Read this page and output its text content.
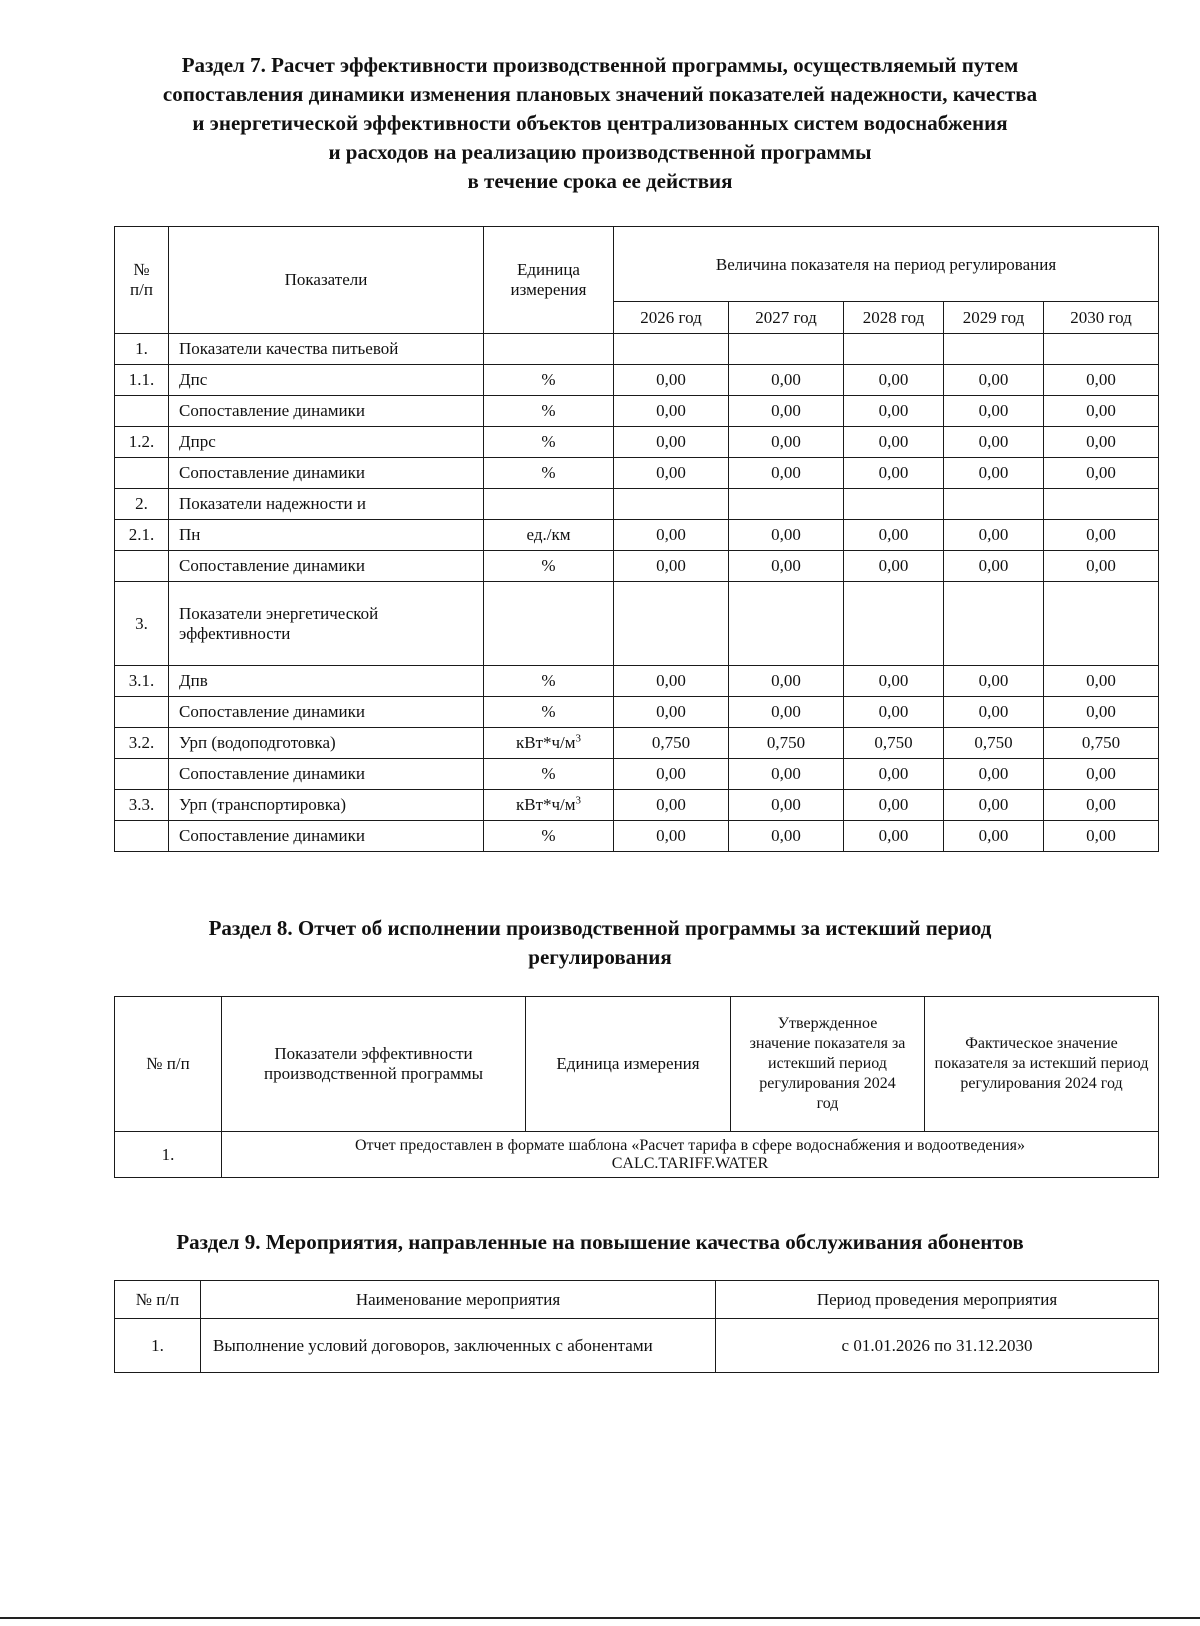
Раздел 7. Расчет эффективности производственной программы, осуществляемый путем
сопоставления динамики изменения плановых значений показателей надежности, качества
и энергетической эффективности объектов централизованных систем водоснабжения
и расходов на реализацию производственной программы
в течение срока ее действия
№ п/п	Показатели	Единица измерения	Величина показателя на период регулирования				
			2026 год	2027 год	2028 год	2029 год	2030 год
1.	Показатели качества питьевой						
1.1.	Дпс	%	0,00	0,00	0,00	0,00	0,00
	Сопоставление динамики	%	0,00	0,00	0,00	0,00	0,00
1.2.	Дпрс	%	0,00	0,00	0,00	0,00	0,00
	Сопоставление динамики	%	0,00	0,00	0,00	0,00	0,00
2.	Показатели надежности и						
2.1.	Пн	ед./км	0,00	0,00	0,00	0,00	0,00
	Сопоставление динамики	%	0,00	0,00	0,00	0,00	0,00
3.	Показатели энергетической эффективности						
3.1.	Дпв	%	0,00	0,00	0,00	0,00	0,00
	Сопоставление динамики	%	0,00	0,00	0,00	0,00	0,00
3.2.	Урп (водоподготовка)	$кВт*ч/м^3$	0,750	0,750	0,750	0,750	0,750
	Сопоставление динамики	%	0,00	0,00	0,00	0,00	0,00
3.3.	Урп (транспортировка)	$кВт*ч/м^3$	0,00	0,00	0,00	0,00	0,00
	Сопоставление динамики	%	0,00	0,00	0,00	0,00	0,00
Раздел 8. Отчет об исполнении производственной программы за истекший период
регулирования
№ п/п	Показатели эффективности производственной программы	Единица измерения	Утвержденное значение показателя за истекший период регулирования 2024 год	Фактическое значение показателя за истекший период регулирования 2024 год
1.	Отчет предоставлен в формате шаблона «Расчет тарифа в сфере водоснабжения и водоотведения»
CALC.TARIFF.WATER			
Раздел 9. Мероприятия, направленные на повышение качества обслуживания абонентов
№ п/п	Наименование мероприятия	Период проведения мероприятия
1.	Выполнение условий договоров, заключенных с абонентами	с 01.01.2026 по 31.12.2030
